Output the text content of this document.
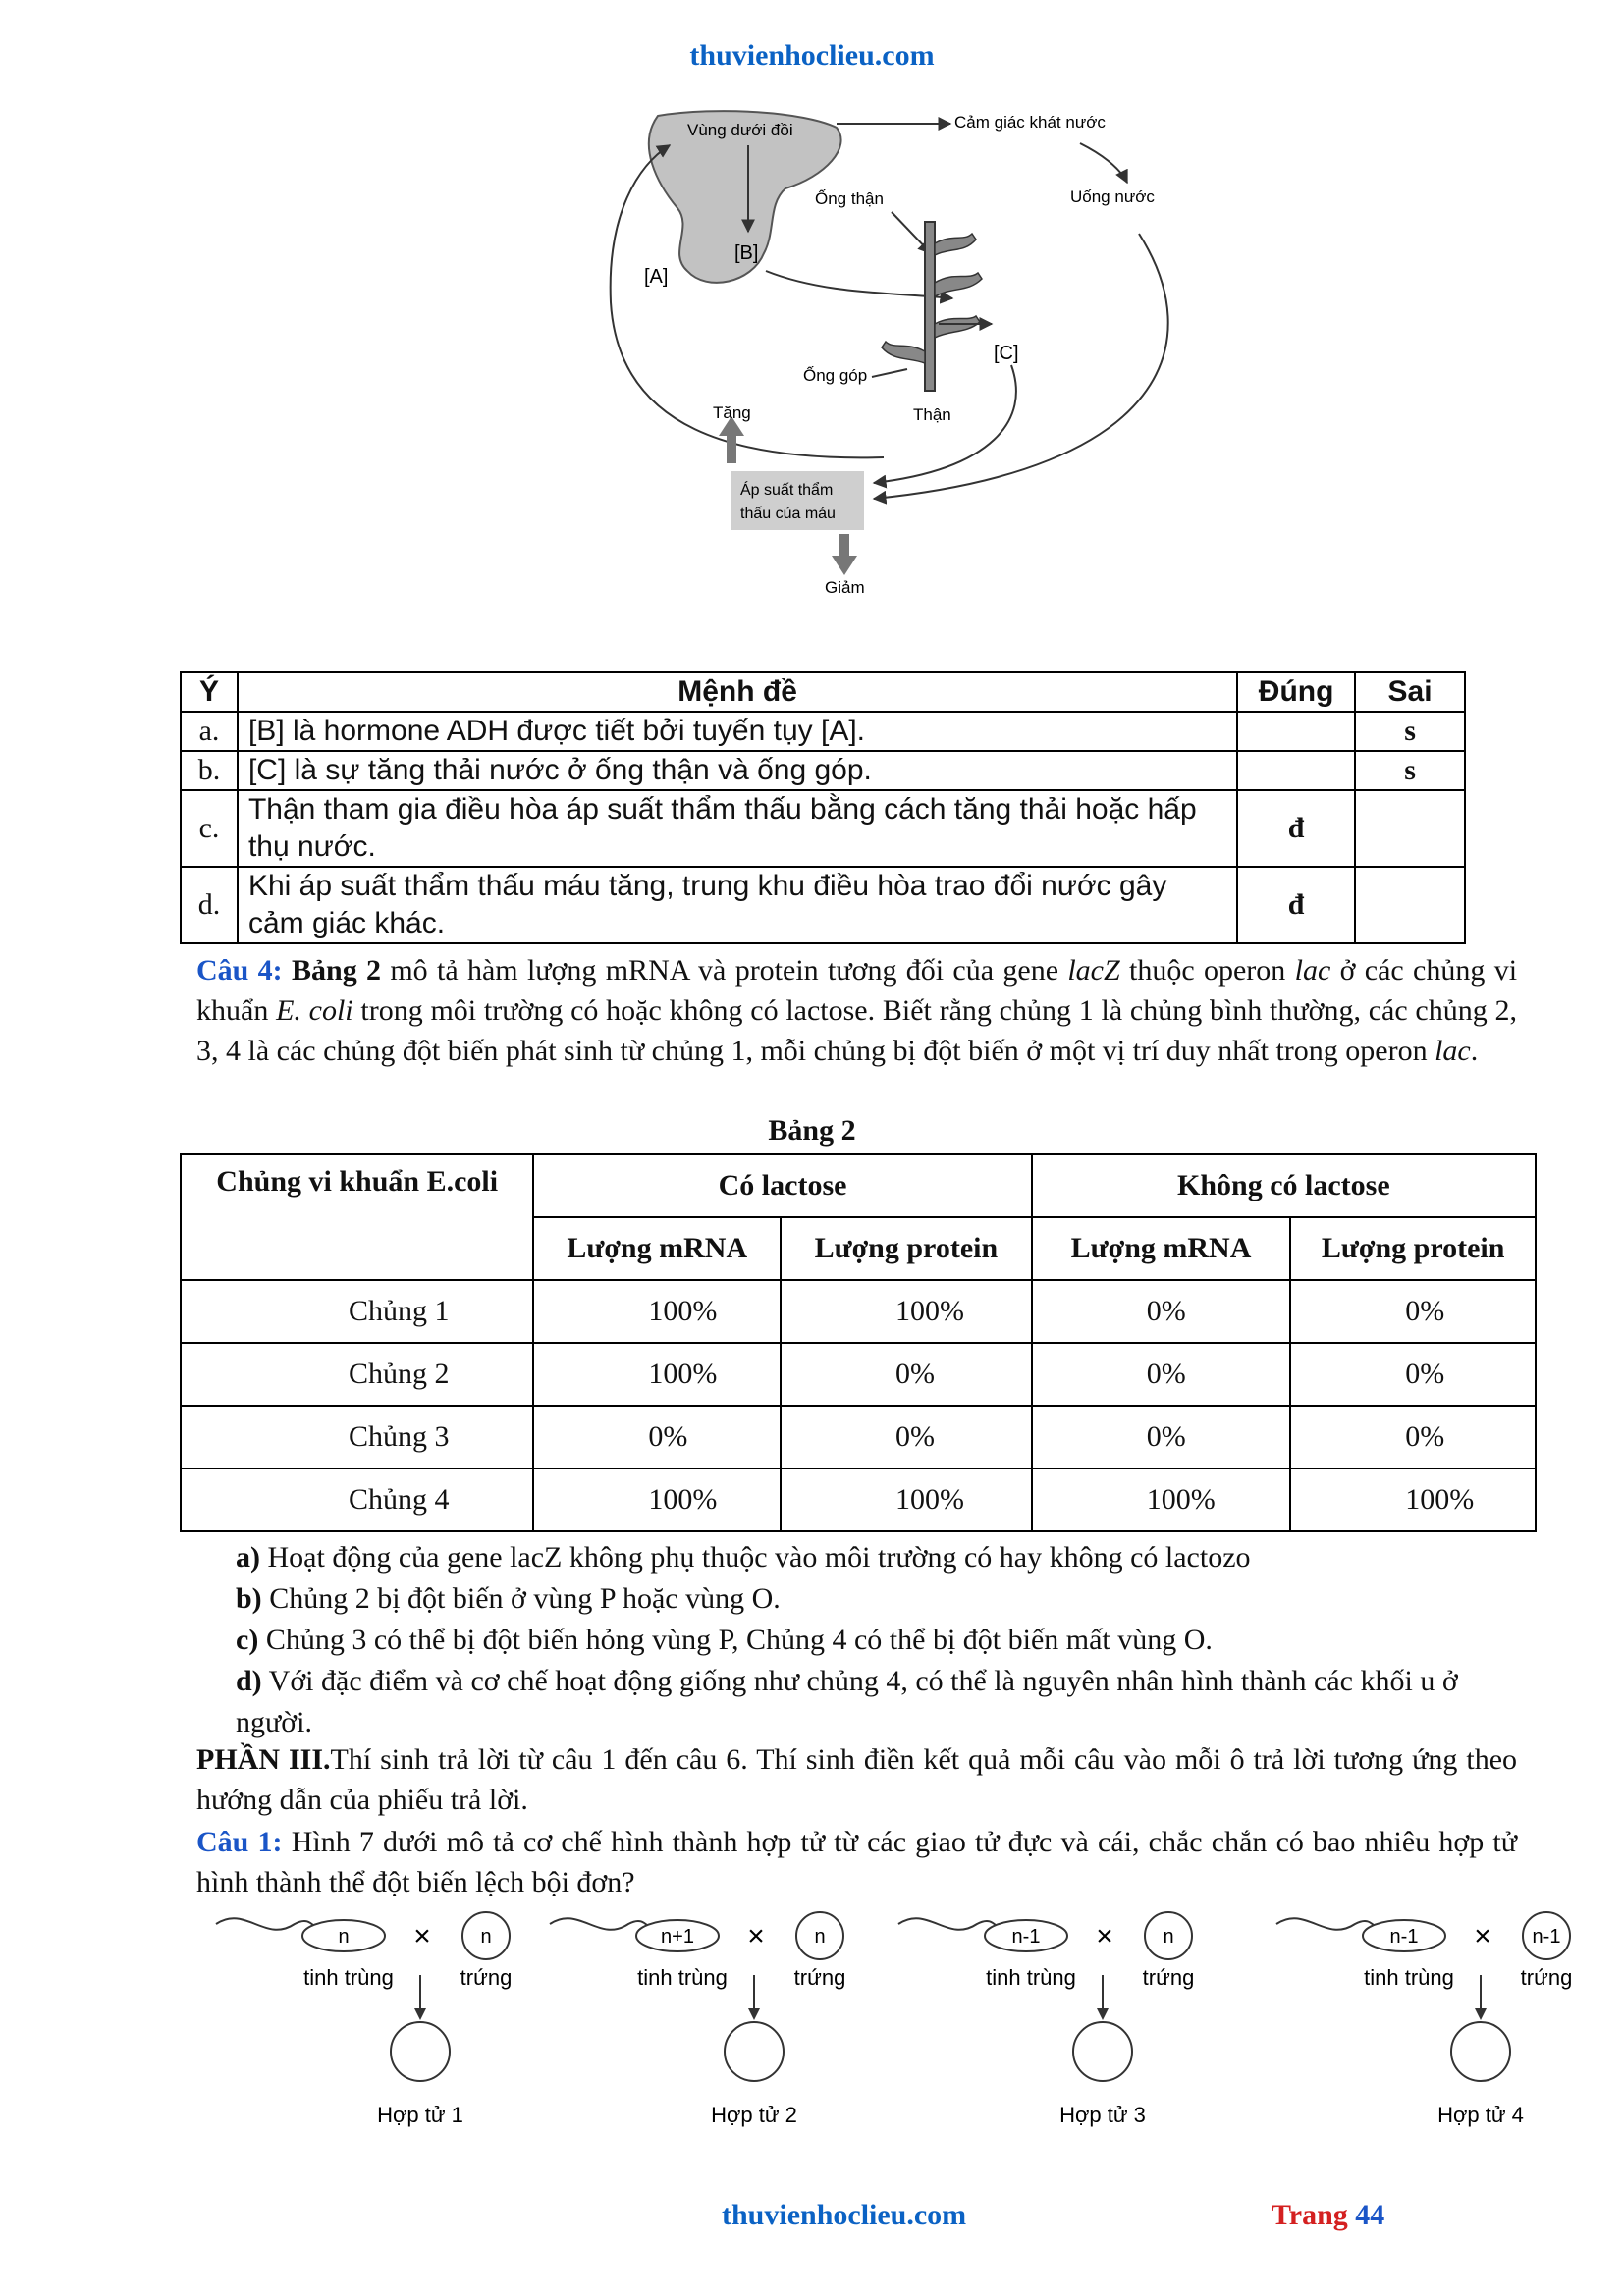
thuvienhoclieu.com
Vùng dưới đồi
[B]
Cảm giác khát nước
Uống nước
Ống thận
[A]
[C]
Ống góp
Thận
Áp suất thẩm thấu của máu
Tăng
Giảm
Ý	Mệnh đề	Đúng	Sai
a.	[B] là hormone ADH được tiết bởi tuyến tụy [A].		s
b.	[C] là sự tăng thải nước ở ống thận và ống góp.		s
c.	Thận tham gia điều hòa áp suất thẩm thấu bằng cách tăng thải hoặc hấp thụ nước.	đ	
d.	Khi áp suất thẩm thấu máu tăng, trung khu điều hòa trao đổi nước gây cảm giác khác.	đ	
Câu 4: Bảng 2 mô tả hàm lượng mRNA và protein tương đối của gene lacZ thuộc operon lac ở các chủng vi khuẩn E. coli trong môi trường có hoặc không có lactose. Biết rằng chủng 1 là chủng bình thường, các chủng 2, 3, 4 là các chủng đột biến phát sinh từ chủng 1, mỗi chủng bị đột biến ở một vị trí duy nhất trong operon lac.
Bảng 2
Chủng vi khuẩn E.coli	Có lactose		Không có lactose	
	Lượng mRNA	Lượng protein	Lượng mRNA	Lượng protein
Chủng 1	100%	100%	0%	0%
Chủng 2	100%	0%	0%	0%
Chủng 3	0%	0%	0%	0%
Chủng 4	100%	100%	100%	100%
a) Hoạt động của gene lacZ không phụ thuộc vào môi trường có hay không có lactozo
b) Chủng 2 bị đột biến ở vùng P hoặc vùng O.
c) Chủng 3 có thể bị đột biến hỏng vùng P, Chủng 4 có thể bị đột biến mất vùng O.
d) Với đặc điểm và cơ chế hoạt động giống như chủng 4, có thể là nguyên nhân hình thành các khối u ở người.
PHẦN III.Thí sinh trả lời từ câu 1 đến câu 6. Thí sinh điền kết quả mỗi câu vào mỗi ô trả lời tương ứng theo hướng dẫn của phiếu trả lời.
Câu 1: Hình 7 dưới mô tả cơ chế hình thành hợp tử từ các giao tử đực và cái, chắc chắn có bao nhiêu hợp tử hình thành thể đột biến lệch bội đơn?
n ×	n
tinh trùng	trứng
Hợp tử 1
n+1 ×	n
tinh trùng	trứng
Hợp tử 2
n-1 ×	n
tinh trùng	trứng
Hợp tử 3
n-1 × n-1
tinh trùng	trứng
Hợp tử 4
thuvienhoclieu.com	Trang 44
